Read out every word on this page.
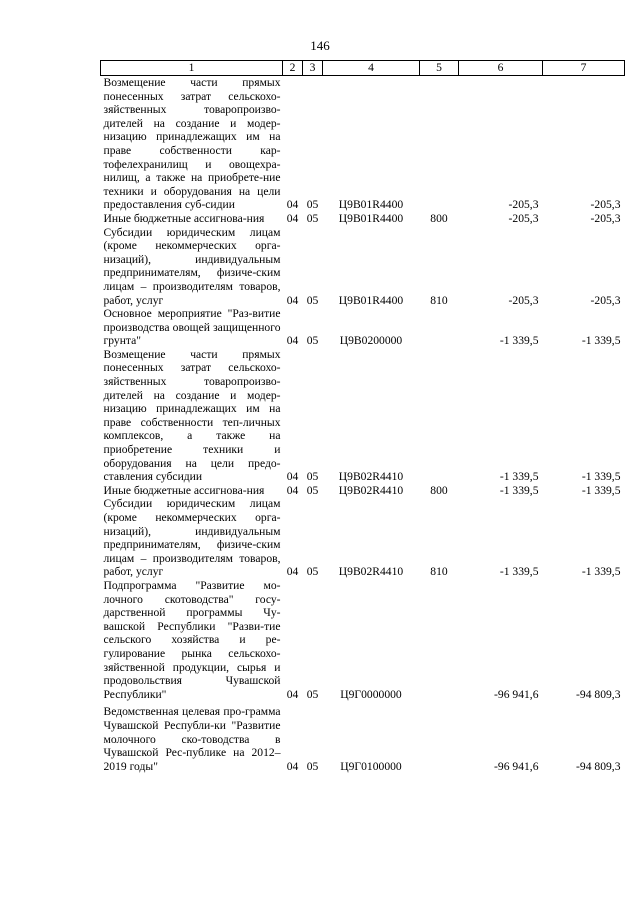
146
1	2	3	4	5	6	7
Возмещение части прямых понесенных затрат сельскохо-зяйственных товаропроизво-дителей на создание и модер-низацию принадлежащих им на праве собственности кар-тофелехранилищ и овощехра-нилищ, а также на приобрете-ние техники и оборудования на цели предоставления суб-сидии	04	05	Ц9В01R4400		-205,3	-205,3
Иные бюджетные ассигнова-ния	04	05	Ц9В01R4400	800	-205,3	-205,3
Субсидии юридическим лицам (кроме некоммерческих орга-низаций), индивидуальным предпринимателям, физиче-ским лицам – производителям товаров, работ, услуг	04	05	Ц9В01R4400	810	-205,3	-205,3
Основное мероприятие "Раз-витие производства овощей защищенного грунта"	04	05	Ц9В0200000		-1 339,5	-1 339,5
Возмещение части прямых понесенных затрат сельскохо-зяйственных товаропроизво-дителей на создание и модер-низацию принадлежащих им на праве собственности теп-личных комплексов, а также на приобретение техники и оборудования на цели предо-ставления субсидии	04	05	Ц9В02R4410		-1 339,5	-1 339,5
Иные бюджетные ассигнова-ния	04	05	Ц9В02R4410	800	-1 339,5	-1 339,5
Субсидии юридическим лицам (кроме некоммерческих орга-низаций), индивидуальным предпринимателям, физиче-ским лицам – производителям товаров, работ, услуг	04	05	Ц9В02R4410	810	-1 339,5	-1 339,5
Подпрограмма "Развитие мо-лочного скотоводства" госу-дарственной программы Чу-вашской Республики "Разви-тие сельского хозяйства и ре-гулирование рынка сельскохо-зяйственной продукции, сырья и продовольствия Чувашской Республики"	04	05	Ц9Г0000000		-96 941,6	-94 809,3
Ведомственная целевая про-грамма Чувашской Республи-ки "Развитие молочного ско-товодства в Чувашской Рес-публике на 2012–2019 годы"	04	05	Ц9Г0100000		-96 941,6	-94 809,3
